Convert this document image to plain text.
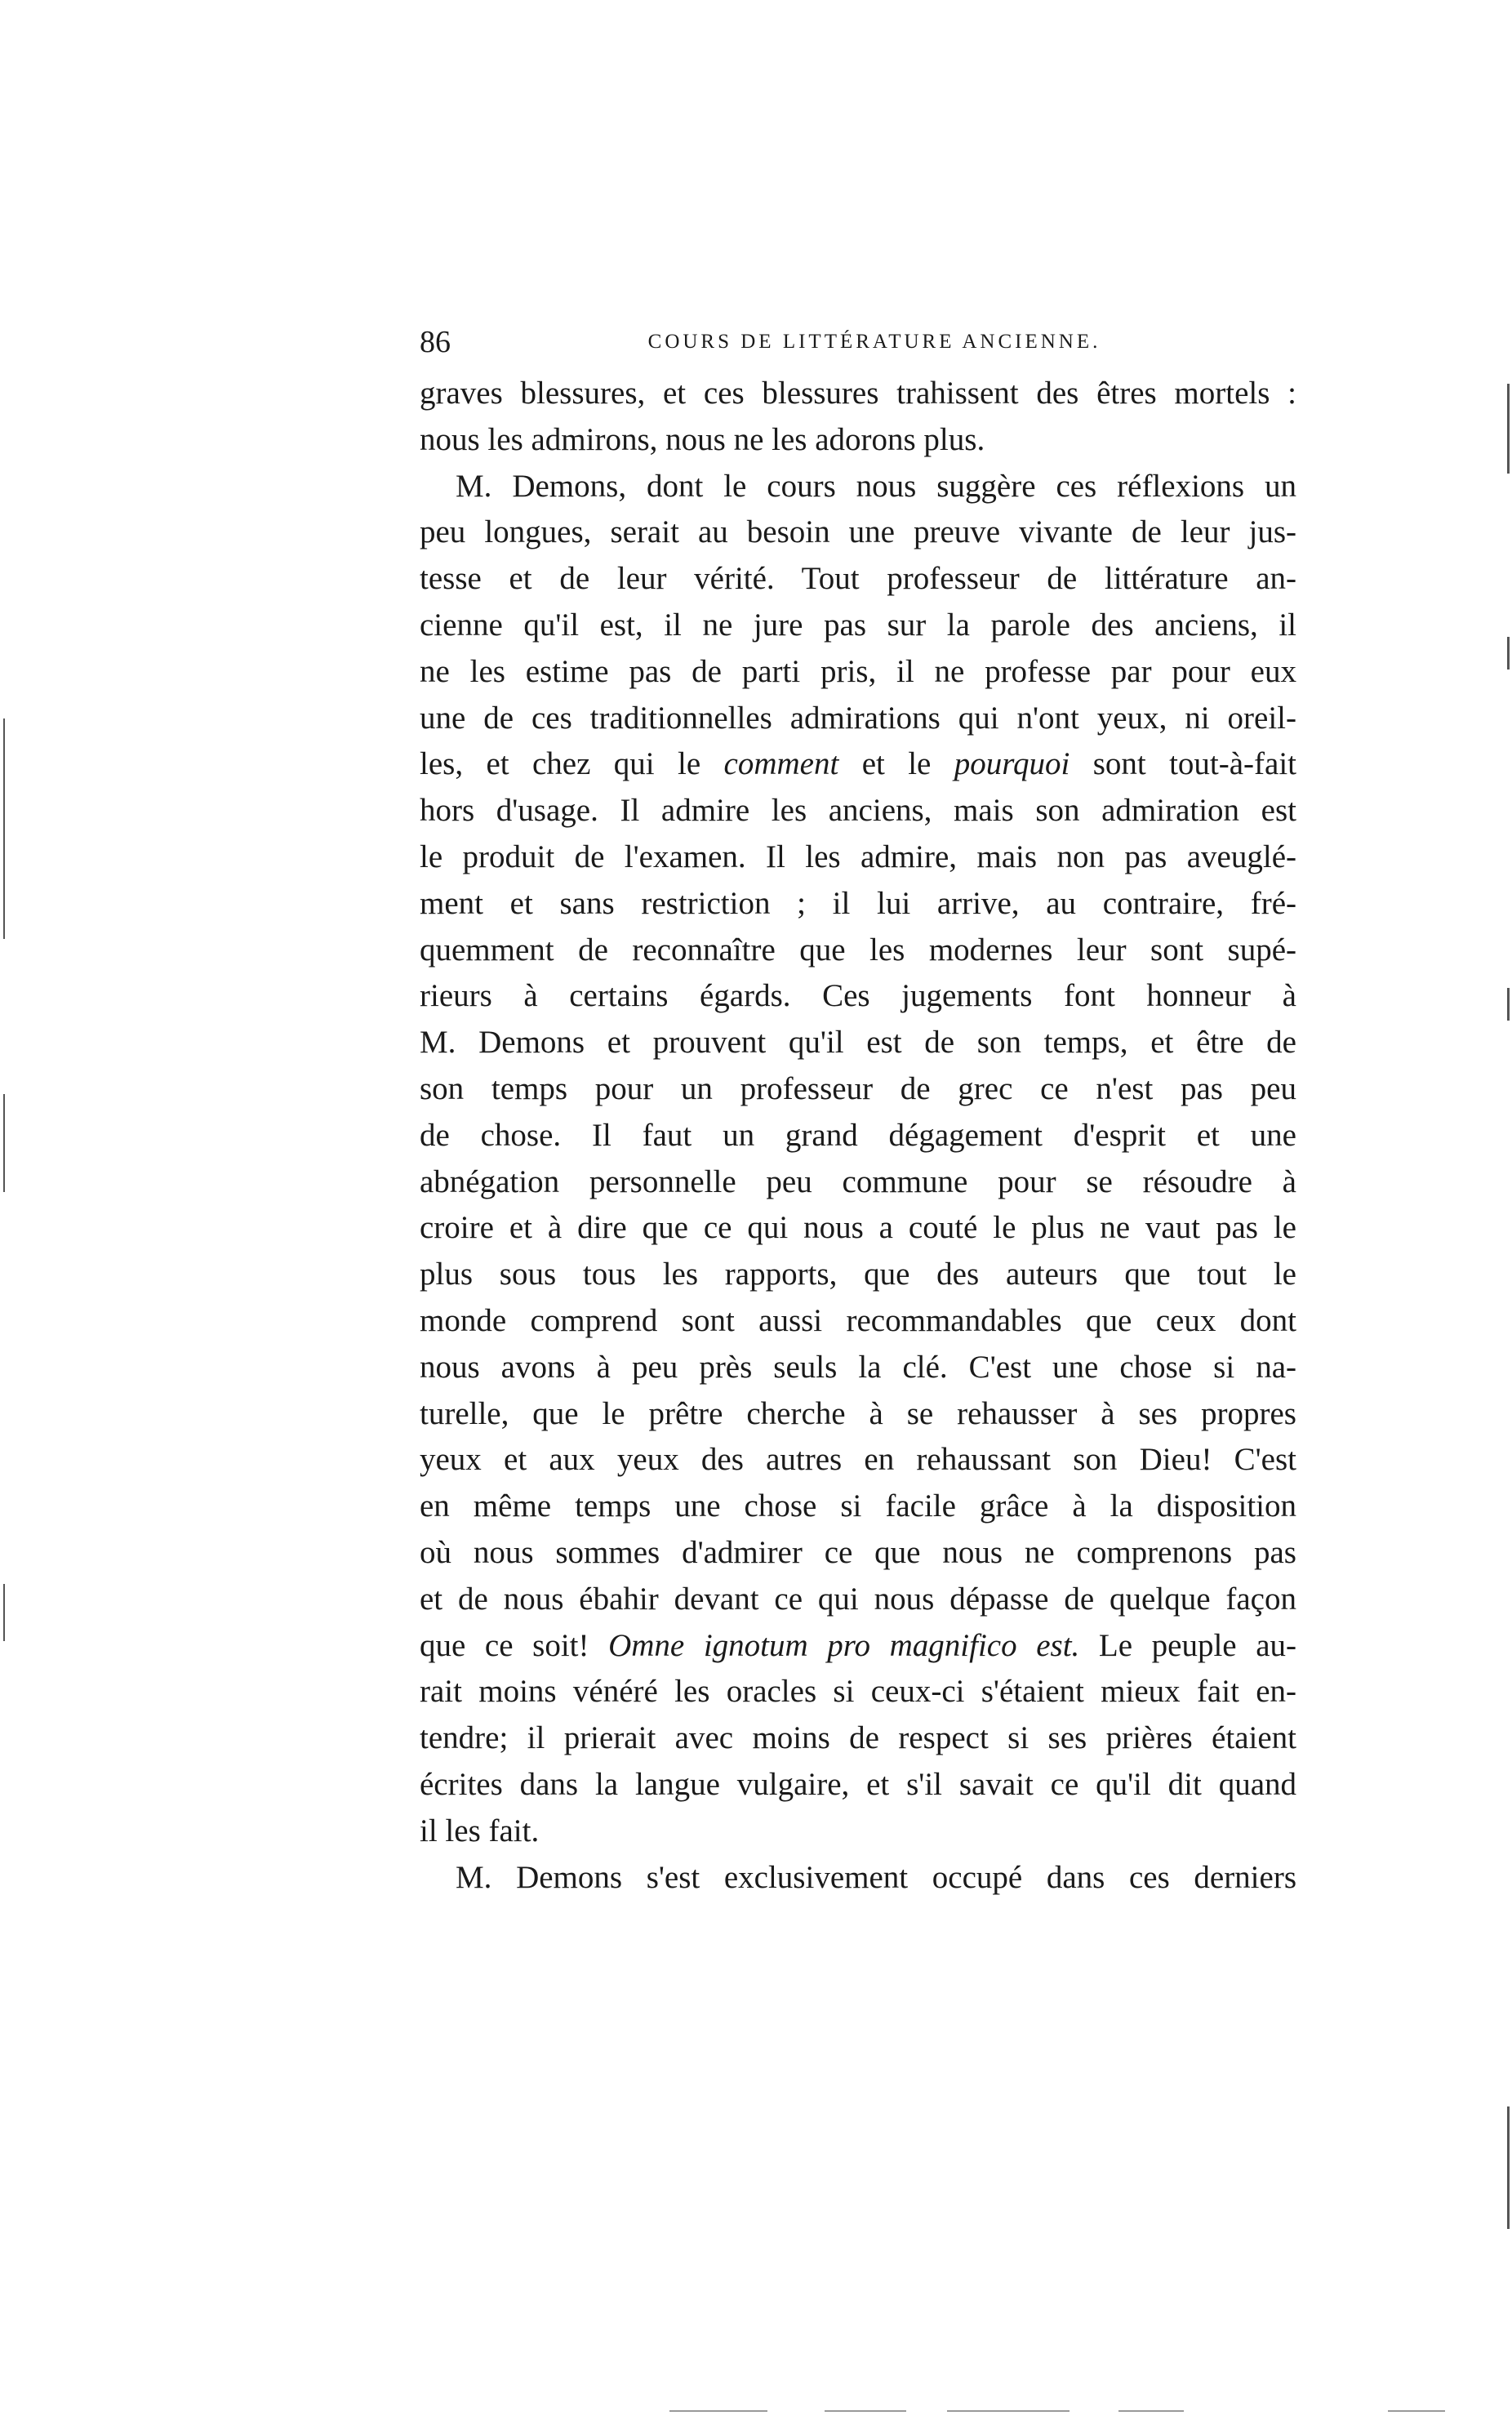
86	COURS DE LITTÉRATURE ANCIENNE.
graves blessures, et ces blessures trahissent des êtres mortels :
nous les admirons, nous ne les adorons plus.
M. Demons, dont le cours nous suggère ces réflexions un
peu longues, serait au besoin une preuve vivante de leur jus-
tesse et de leur vérité. Tout professeur de littérature an-
cienne qu'il est, il ne jure pas sur la parole des anciens, il
ne les estime pas de parti pris, il ne professe par pour eux
une de ces traditionnelles admirations qui n'ont yeux, ni oreil-
les, et chez qui le comment et le pourquoi sont tout-à-fait
hors d'usage. Il admire les anciens, mais son admiration est
le produit de l'examen. Il les admire, mais non pas aveuglé-
ment et sans restriction ; il lui arrive, au contraire, fré-
quemment de reconnaître que les modernes leur sont supé-
rieurs à certains égards. Ces jugements font honneur à
M. Demons et prouvent qu'il est de son temps, et être de
son temps pour un professeur de grec ce n'est pas peu
de chose. Il faut un grand dégagement d'esprit et une
abnégation personnelle peu commune pour se résoudre à
croire et à dire que ce qui nous a couté le plus ne vaut pas le
plus sous tous les rapports, que des auteurs que tout le
monde comprend sont aussi recommandables que ceux dont
nous avons à peu près seuls la clé. C'est une chose si na-
turelle, que le prêtre cherche à se rehausser à ses propres
yeux et aux yeux des autres en rehaussant son Dieu! C'est
en même temps une chose si facile grâce à la disposition
où nous sommes d'admirer ce que nous ne comprenons pas
et de nous ébahir devant ce qui nous dépasse de quelque façon
que ce soit! Omne ignotum pro magnifico est. Le peuple au-
rait moins vénéré les oracles si ceux-ci s'étaient mieux fait en-
tendre; il prierait avec moins de respect si ses prières étaient
écrites dans la langue vulgaire, et s'il savait ce qu'il dit quand
il les fait.
M. Demons s'est exclusivement occupé dans ces derniers
